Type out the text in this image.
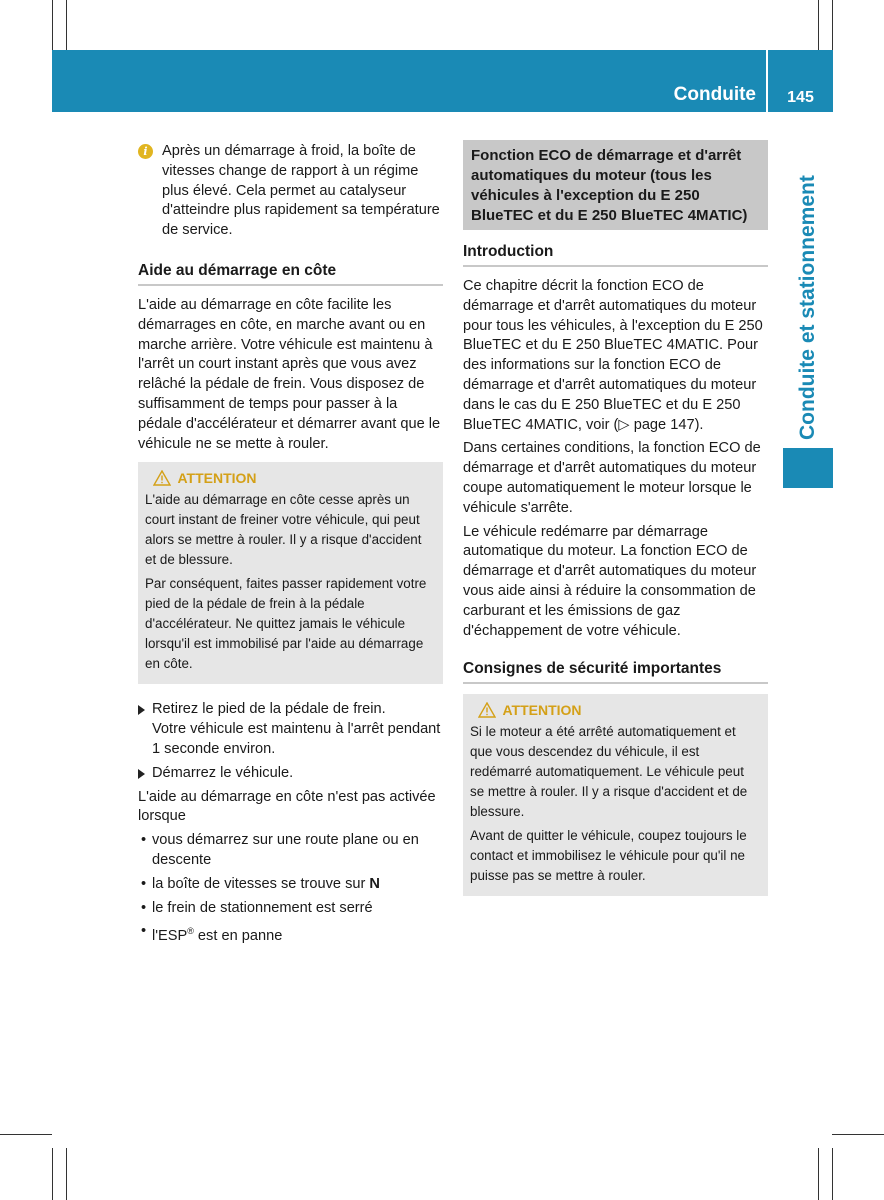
Conduite	145
Conduite et stationnement
i Après un démarrage à froid, la boîte de vitesses change de rapport à un régime plus élevé. Cela permet au catalyseur d'atteindre plus rapidement sa température de service.
Aide au démarrage en côte

L'aide au démarrage en côte facilite les démarrages en côte, en marche avant ou en marche arrière. Votre véhicule est maintenu à l'arrêt un court instant après que vous avez relâché la pédale de frein. Vous disposez de suffisamment de temps pour passer à la pédale d'accélérateur et démarrer avant que le véhicule ne se mette à rouler.

ATTENTION

L'aide au démarrage en côte cesse après un court instant de freiner votre véhicule, qui peut alors se mettre à rouler. Il y a risque d'accident et de blessure.

Par conséquent, faites passer rapidement votre pied de la pédale de frein à la pédale d'accélérateur. Ne quittez jamais le véhicule lorsqu'il est immobilisé par l'aide au démarrage en côte.

Retirez le pied de la pédale de frein.
Votre véhicule est maintenu à l'arrêt pendant 1 seconde environ.
Démarrez le véhicule.

L'aide au démarrage en côte n'est pas activée lorsque

• vous démarrez sur une route plane ou en descente
• la boîte de vitesses se trouve sur N
• le frein de stationnement est serré
• l'ESP® est en panne
Fonction ECO de démarrage et d'arrêt automatiques du moteur (tous les véhicules à l'exception du E 250 BlueTEC et du E 250 BlueTEC 4MATIC)
Introduction

Ce chapitre décrit la fonction ECO de démarrage et d'arrêt automatiques du moteur pour tous les véhicules, à l'exception du E 250 BlueTEC et du E 250 BlueTEC 4MATIC. Pour des informations sur la fonction ECO de démarrage et d'arrêt automatiques du moteur dans le cas du E 250 BlueTEC et du E 250 BlueTEC 4MATIC, voir (▷ page 147).

Dans certaines conditions, la fonction ECO de démarrage et d'arrêt automatiques du moteur coupe automatiquement le moteur lorsque le véhicule s'arrête.

Le véhicule redémarre par démarrage automatique du moteur. La fonction ECO de démarrage et d'arrêt automatiques du moteur vous aide ainsi à réduire la consommation de carburant et les émissions de gaz d'échappement de votre véhicule.

Consignes de sécurité importantes
ATTENTION

Si le moteur a été arrêté automatiquement et que vous descendez du véhicule, il est redémarré automatiquement. Le véhicule peut se mettre à rouler. Il y a risque d'accident et de blessure.

Avant de quitter le véhicule, coupez toujours le contact et immobilisez le véhicule pour qu'il ne puisse pas se mettre à rouler.
